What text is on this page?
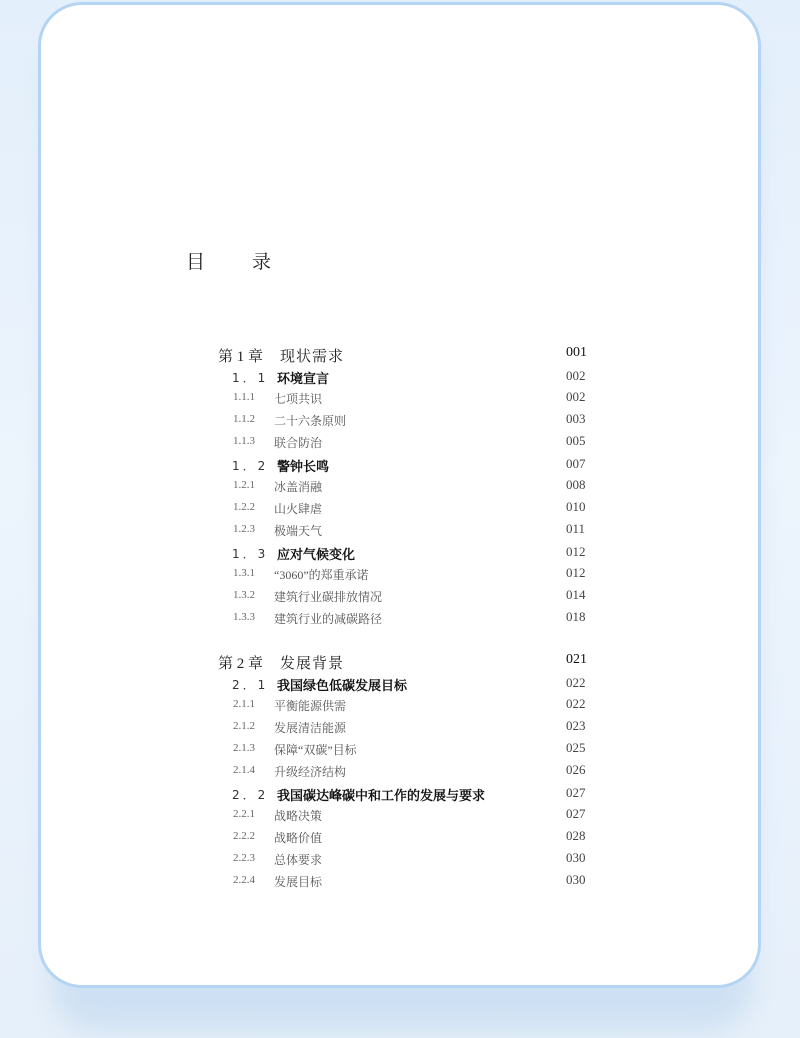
目　录
第 1 章 现状需求	001
1．1 环境宣言	002
1.1.1 七项共识	002
1.1.2 二十六条原则	003
1.1.3 联合防治	005
1．2 警钟长鸣	007
1.2.1 冰盖消融	008
1.2.2 山火肆虐	010
1.2.3 极端天气	011
1．3 应对气候变化	012
1.3.1 “3060”的郑重承诺	012
1.3.2 建筑行业碳排放情况	014
1.3.3 建筑行业的减碳路径	018
第 2 章 发展背景	021
2．1 我国绿色低碳发展目标	022
2.1.1 平衡能源供需	022
2.1.2 发展清洁能源	023
2.1.3 保障“双碳”目标	025
2.1.4 升级经济结构	026
2．2 我国碳达峰碳中和工作的发展与要求	027
2.2.1 战略决策	027
2.2.2 战略价值	028
2.2.3 总体要求	030
2.2.4 发展目标	030
